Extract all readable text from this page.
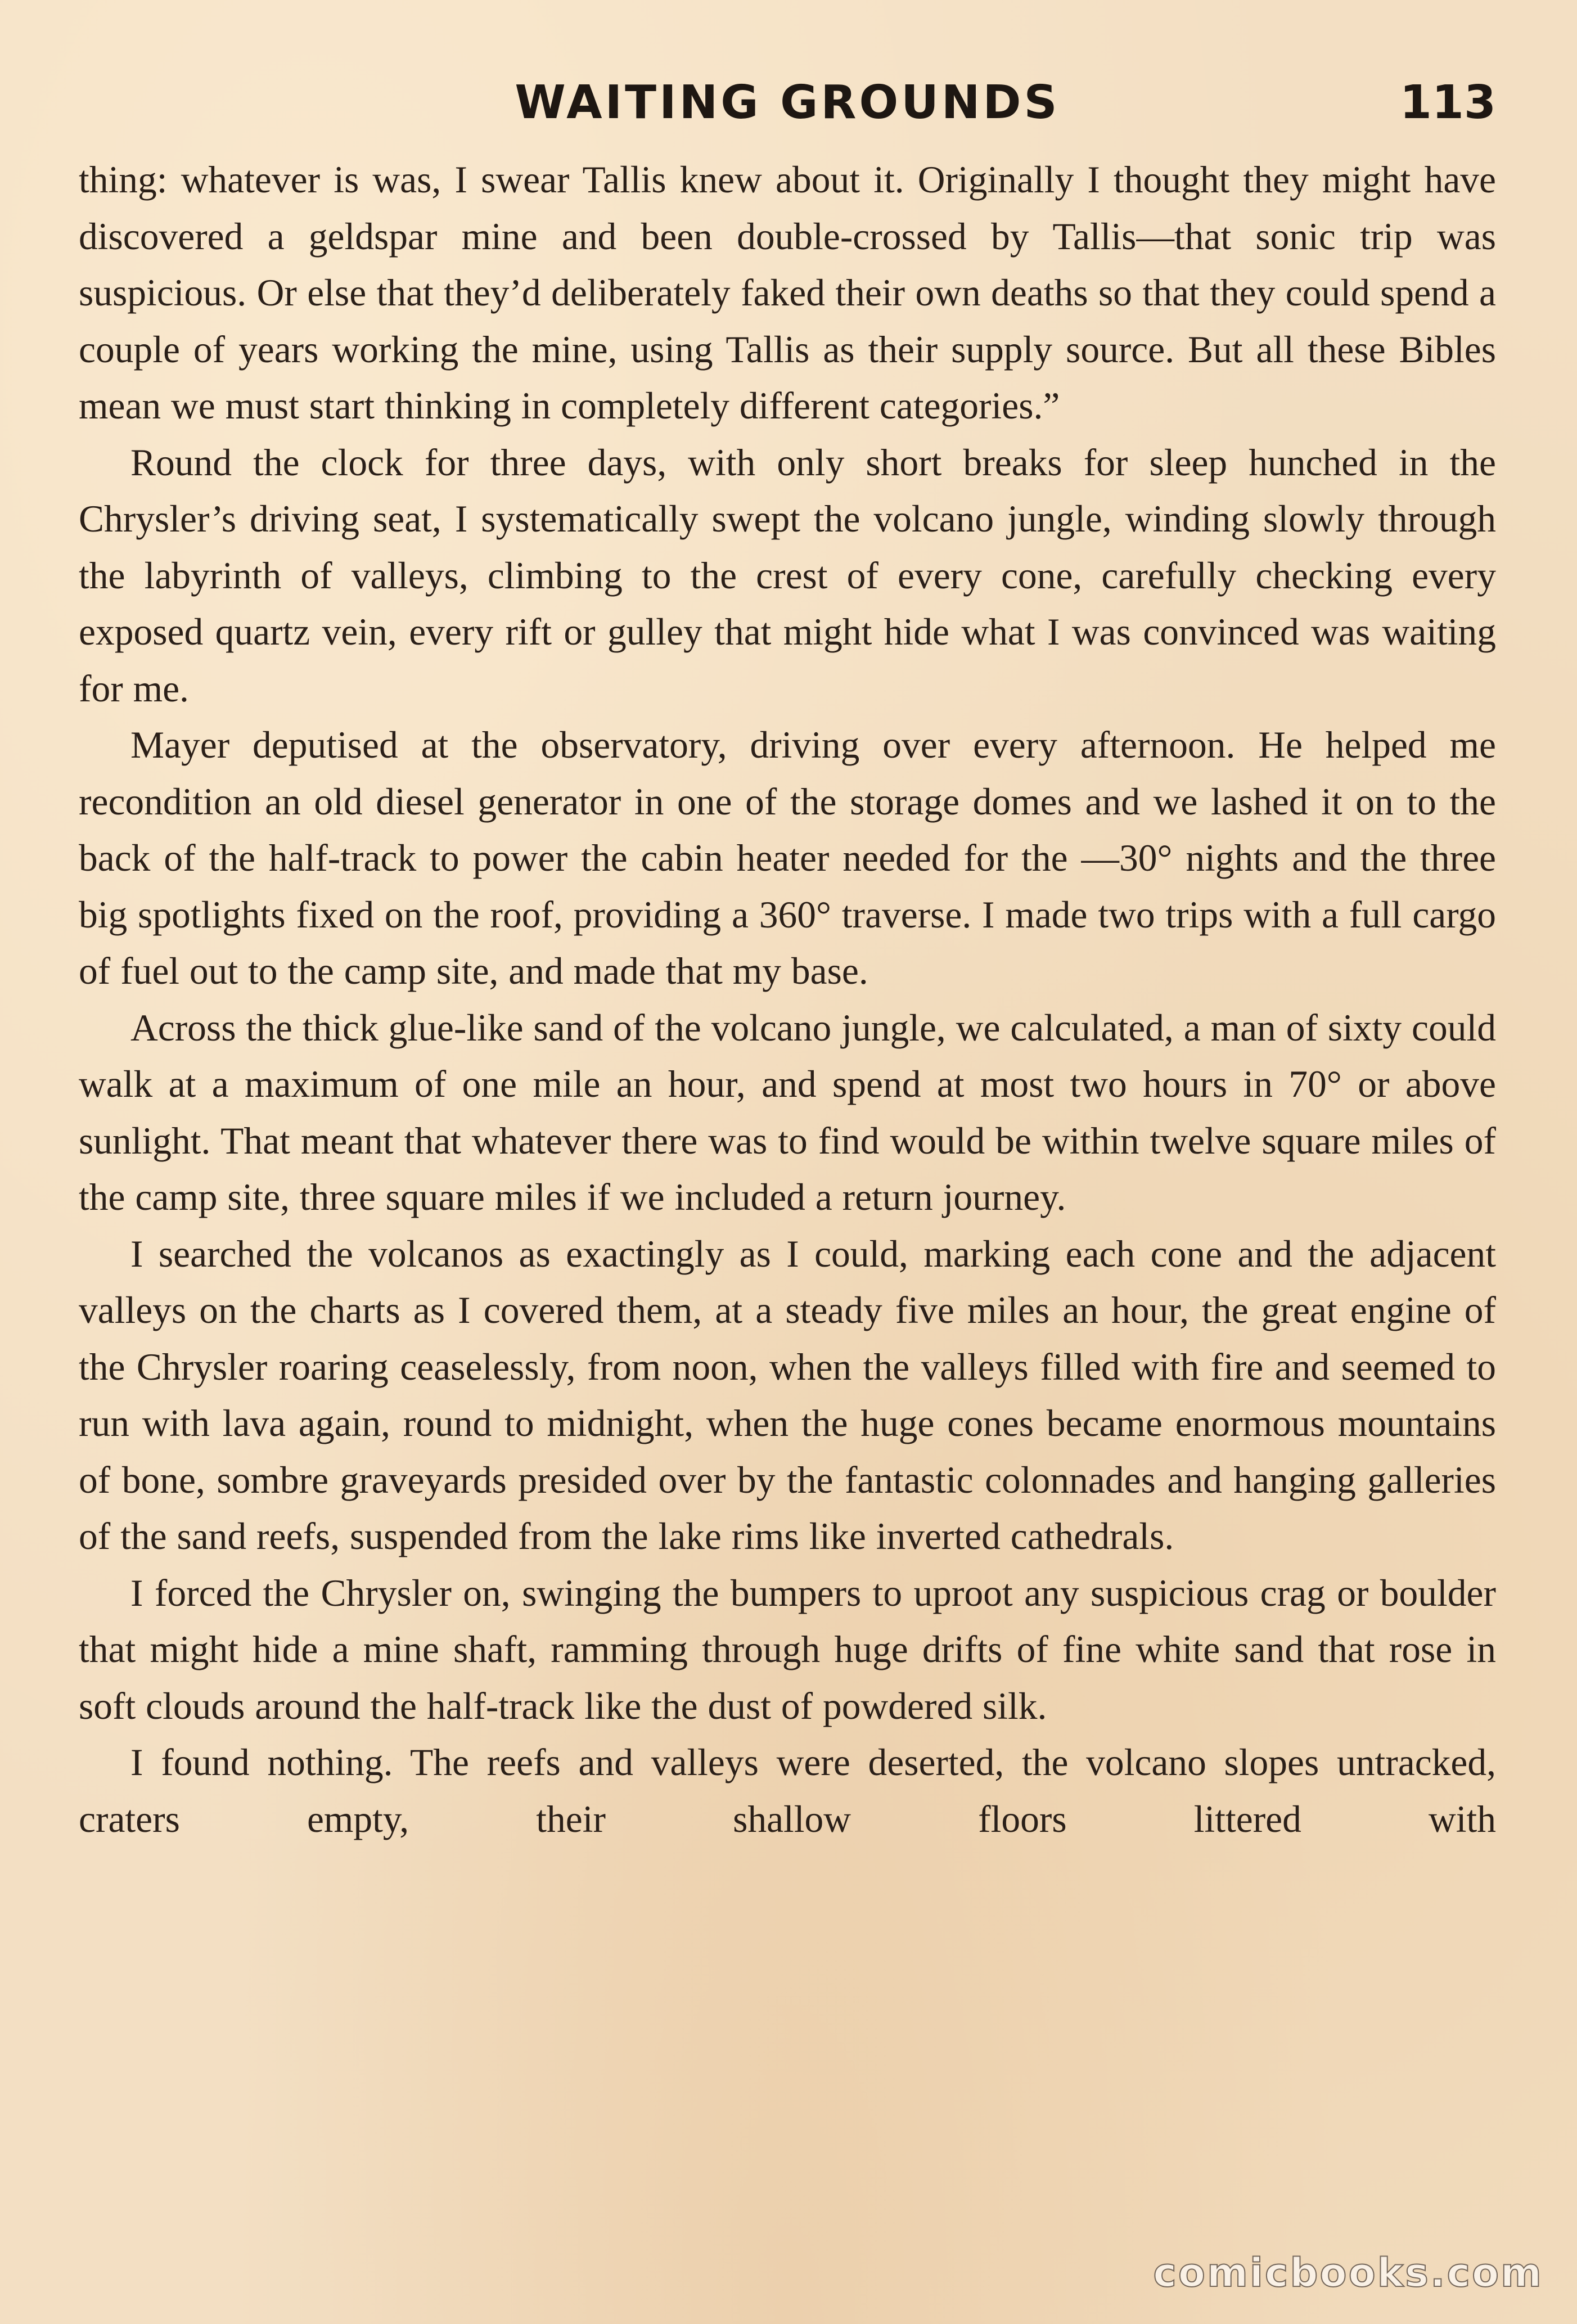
WAITING GROUNDS	113

thing: whatever is was, I swear Tallis knew about it. Originally I thought they might have discovered a geldspar mine and been double-crossed by Tallis—that sonic trip was suspicious. Or else that they’d deliberately faked their own deaths so that they could spend a couple of years working the mine, using Tallis as their supply source. But all these Bibles mean we must start thinking in completely different categories.”

Round the clock for three days, with only short breaks for sleep hunched in the Chrysler’s driving seat, I systematically swept the volcano jungle, winding slowly through the labyrinth of valleys, climbing to the crest of every cone, carefully checking every exposed quartz vein, every rift or gulley that might hide what I was convinced was waiting for me.

Mayer deputised at the observatory, driving over every afternoon. He helped me recondition an old diesel generator in one of the storage domes and we lashed it on to the back of the half-track to power the cabin heater needed for the —30° nights and the three big spotlights fixed on the roof, providing a 360° traverse. I made two trips with a full cargo of fuel out to the camp site, and made that my base.

Across the thick glue-like sand of the volcano jungle, we calculated, a man of sixty could walk at a maximum of one mile an hour, and spend at most two hours in 70° or above sunlight. That meant that whatever there was to find would be within twelve square miles of the camp site, three square miles if we included a return journey.

I searched the volcanos as exactingly as I could, marking each cone and the adjacent valleys on the charts as I covered them, at a steady five miles an hour, the great engine of the Chrysler roaring ceaselessly, from noon, when the valleys filled with fire and seemed to run with lava again, round to midnight, when the huge cones became enormous mountains of bone, sombre graveyards presided over by the fantastic colonnades and hanging galleries of the sand reefs, suspended from the lake rims like inverted cathedrals.

I forced the Chrysler on, swinging the bumpers to uproot any suspicious crag or boulder that might hide a mine shaft, ramming through huge drifts of fine white sand that rose in soft clouds around the half-track like the dust of powdered silk.

I found nothing. The reefs and valleys were deserted, the volcano slopes untracked, craters empty, their shallow floors littered with

comicbooks.com
